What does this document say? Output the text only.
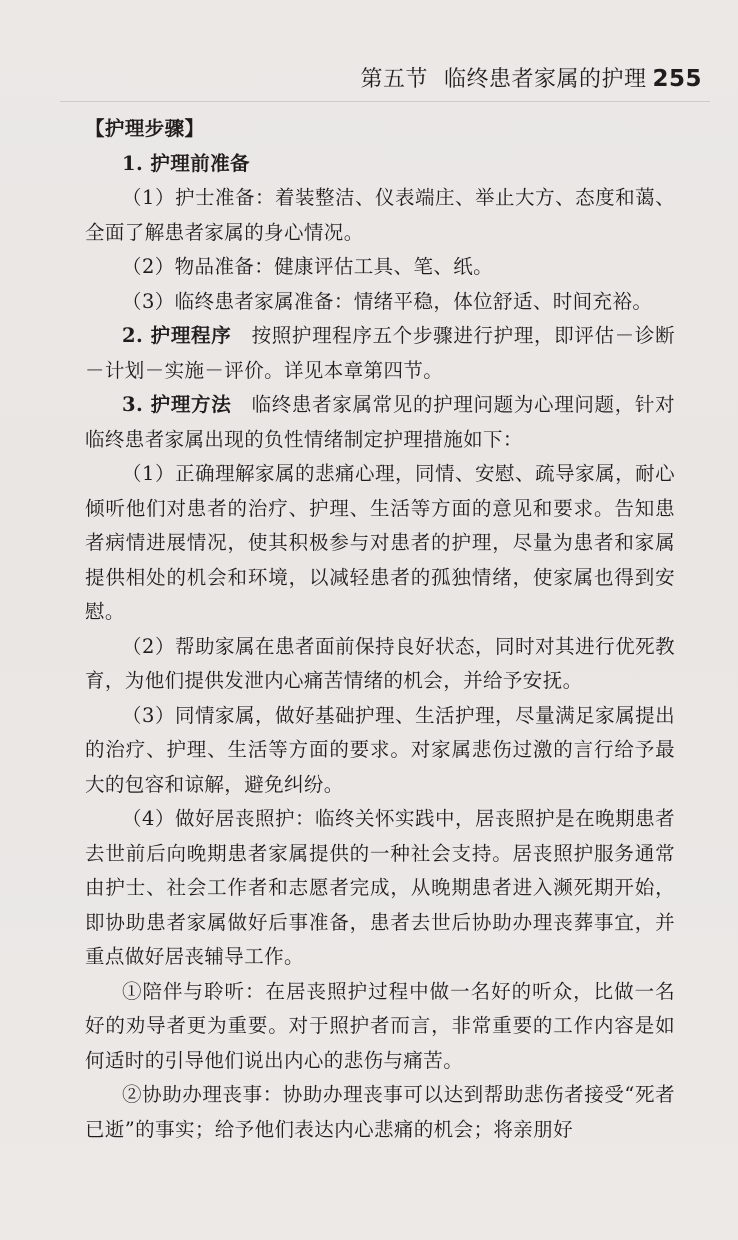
第五节 临终患者家属的护理 255

【护理步骤】

1. 护理前准备

（1）护士准备：着装整洁、仪表端庄、举止大方、态度和蔼、全面了解患者家属的身心情况。

（2）物品准备：健康评估工具、笔、纸。

（3）临终患者家属准备：情绪平稳，体位舒适、时间充裕。

2. 护理程序　 按照护理程序五个步骤进行护理，即评估－诊断－计划－实施－评价。详见本章第四节。

3. 护理方法　 临终患者家属常见的护理问题为心理问题，针对临终患者家属出现的负性情绪制定护理措施如下：

（1）正确理解家属的悲痛心理，同情、安慰、疏导家属，耐心倾听他们对患者的治疗、护理、生活等方面的意见和要求。告知患者病情进展情况，使其积极参与对患者的护理，尽量为患者和家属提供相处的机会和环境，以减轻患者的孤独情绪，使家属也得到安慰。

（2）帮助家属在患者面前保持良好状态，同时对其进行优死教育，为他们提供发泄内心痛苦情绪的机会，并给予安抚。

（3）同情家属，做好基础护理、生活护理，尽量满足家属提出的治疗、护理、生活等方面的要求。对家属悲伤过激的言行给予最大的包容和谅解，避免纠纷。

（4）做好居丧照护：临终关怀实践中，居丧照护是在晚期患者去世前后向晚期患者家属提供的一种社会支持。居丧照护服务通常由护士、社会工作者和志愿者完成，从晚期患者进入濒死期开始，即协助患者家属做好后事准备，患者去世后协助办理丧葬事宜，并重点做好居丧辅导工作。

①陪伴与聆听：在居丧照护过程中做一名好的听众，比做一名好的劝导者更为重要。对于照护者而言，非常重要的工作内容是如何适时的引导他们说出内心的悲伤与痛苦。

②协助办理丧事：协助办理丧事可以达到帮助悲伤者接受“死者已逝”的事实；给予他们表达内心悲痛的机会；将亲朋好
